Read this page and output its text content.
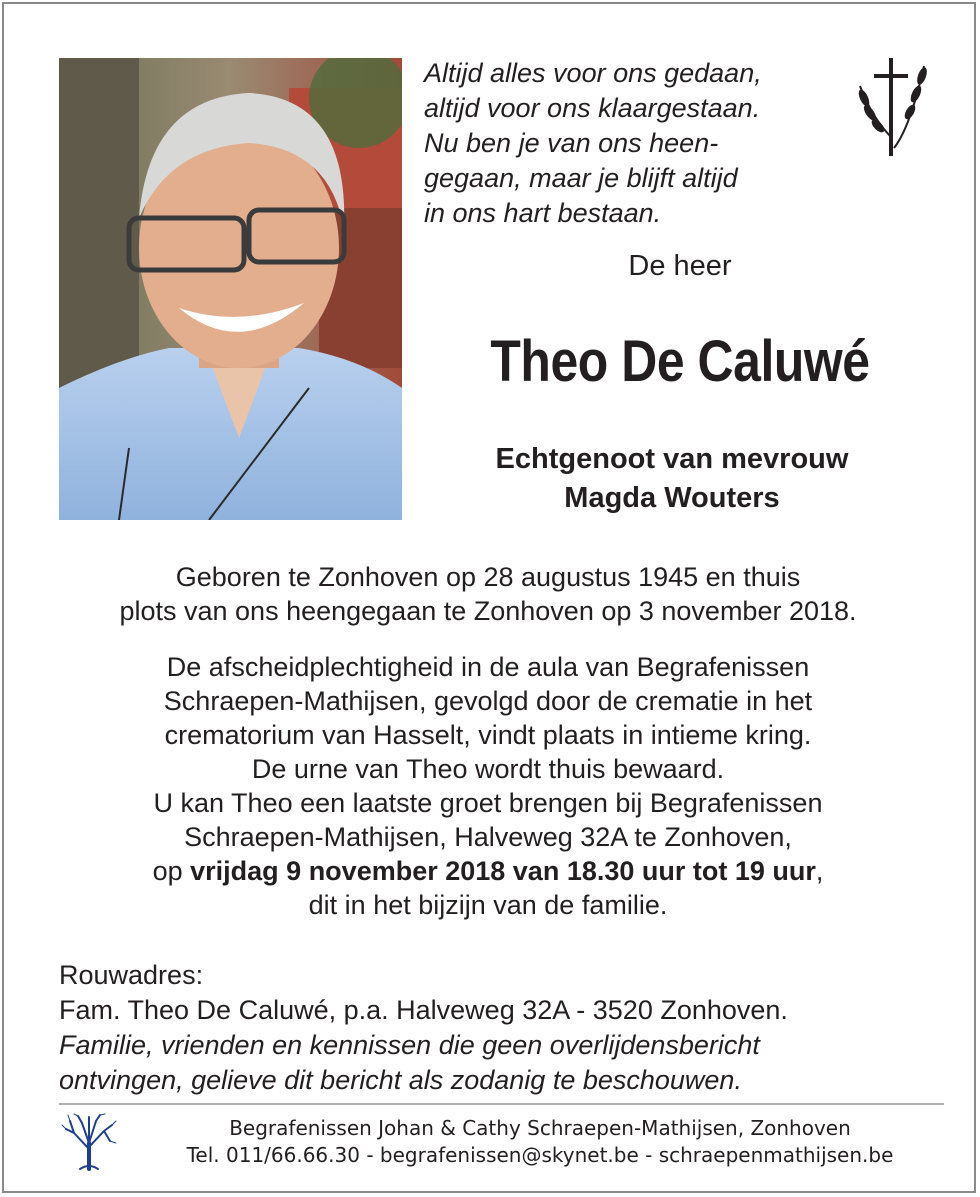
Altijd alles voor ons gedaan,
altijd voor ons klaargestaan.
Nu ben je van ons heen-
gegaan, maar je blijft altijd
in ons hart bestaan.
De heer
Theo De Caluwé
Echtgenoot van mevrouw
Magda Wouters
Geboren te Zonhoven op 28 augustus 1945 en thuis
plots van ons heengegaan te Zonhoven op 3 november 2018.
De afscheidplechtigheid in de aula van Begrafenissen
Schraepen-Mathijsen, gevolgd door de crematie in het
crematorium van Hasselt, vindt plaats in intieme kring.
De urne van Theo wordt thuis bewaard.
U kan Theo een laatste groet brengen bij Begrafenissen
Schraepen-Mathijsen, Halveweg 32A te Zonhoven,
op vrijdag 9 november 2018 van 18.30 uur tot 19 uur,
dit in het bijzijn van de familie.
Rouwadres:
Fam. Theo De Caluwé, p.a. Halveweg 32A - 3520 Zonhoven.
Familie, vrienden en kennissen die geen overlijdensbericht
ontvingen, gelieve dit bericht als zodanig te beschouwen.
Begrafenissen Johan & Cathy Schraepen-Mathijsen, Zonhoven
Tel. 011/66.66.30 - begrafenissen@skynet.be - schraepenmathijsen.be
